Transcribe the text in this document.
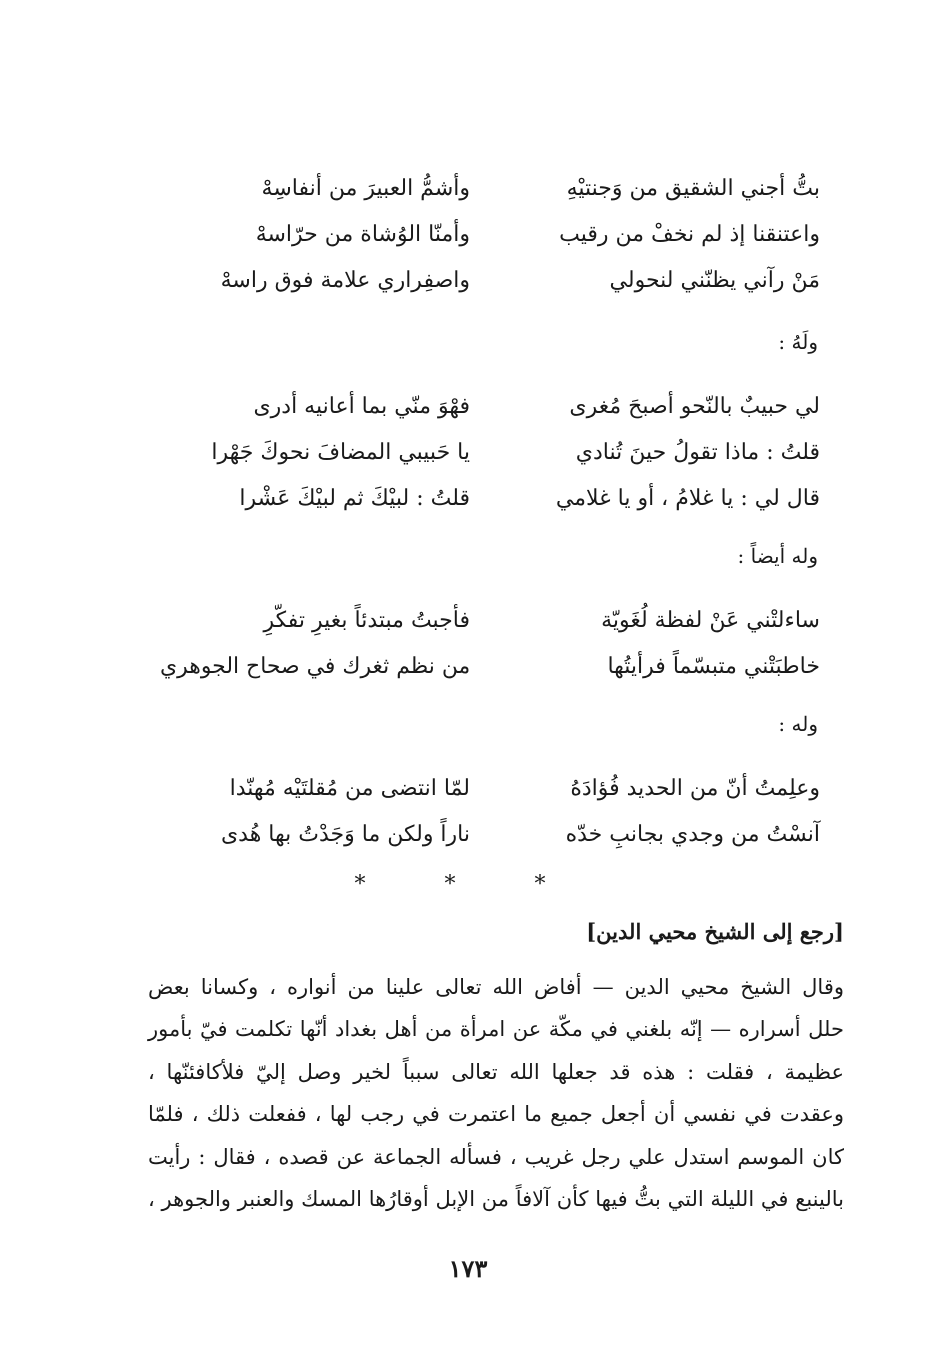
بتُّ أجني الشقيق من وَجنتيْهِ
وأشمُّ العبيرَ من أنفاسِهْ
واعتنقنا إذ لم نخفْ من رقيب
وأمنّا الوُشاة من حرّاسهْ
مَنْ رآني يظنّني لنحولي
واصفِراري علامة فوق راسهْ
ولَهُ :
لي حبيبٌ بالنّحو أصبحَ مُغرى
فهْوَ منّي بما أعانيه أدرى
قلتُ : ماذا تقولُ حينَ تُنادي
يا حَبيبي المضافَ نحوكَ جَهْرا
قال لي : يا غلامُ ، أو يا غلامي
قلتُ : لبيْكَ ثم لبيْكَ عَشْرا
وله أيضاً :
ساءلتْني عَنْ لفظة لُغَويّة
فأجبتُ مبتدئاً بغيرِ تفكّرِ
خاطبَتْني متبسّماً فرأيتُها
من نظم ثغرك في صحاح الجوهري
وله :
وعلِمتُ أنّ من الحديد فُؤادَهُ
لمّا انتضى من مُقلتَيْه مُهنّدا
آنسْتُ من وجدي بجانبِ خدّه
ناراً ولكن ما وَجَدْتُ بها هُدى
* * *
[رجع إلى الشيخ محيي الدين]
وقال الشيخ محيي الدين — أفاض الله تعالى علينا من أنواره ، وكسانا بعض
حلل أسراره — إنّه بلغني في مكّة عن امرأة من أهل بغداد أنّها تكلمت فيّ بأمور
عظيمة ، فقلت : هذه قد جعلها الله تعالى سبباً لخير وصل إليّ فلأكافئنّها ،
وعقدت في نفسي أن أجعل جميع ما اعتمرت في رجب لها ، ففعلت ذلك ، فلمّا
كان الموسم استدل علي رجل غريب ، فسأله الجماعة عن قصده ، فقال : رأيت
بالينبع في الليلة التي بتُّ فيها كأن آلافاً من الإبل أوقارُها المسك والعنبر والجوهر ،
١٧٣
